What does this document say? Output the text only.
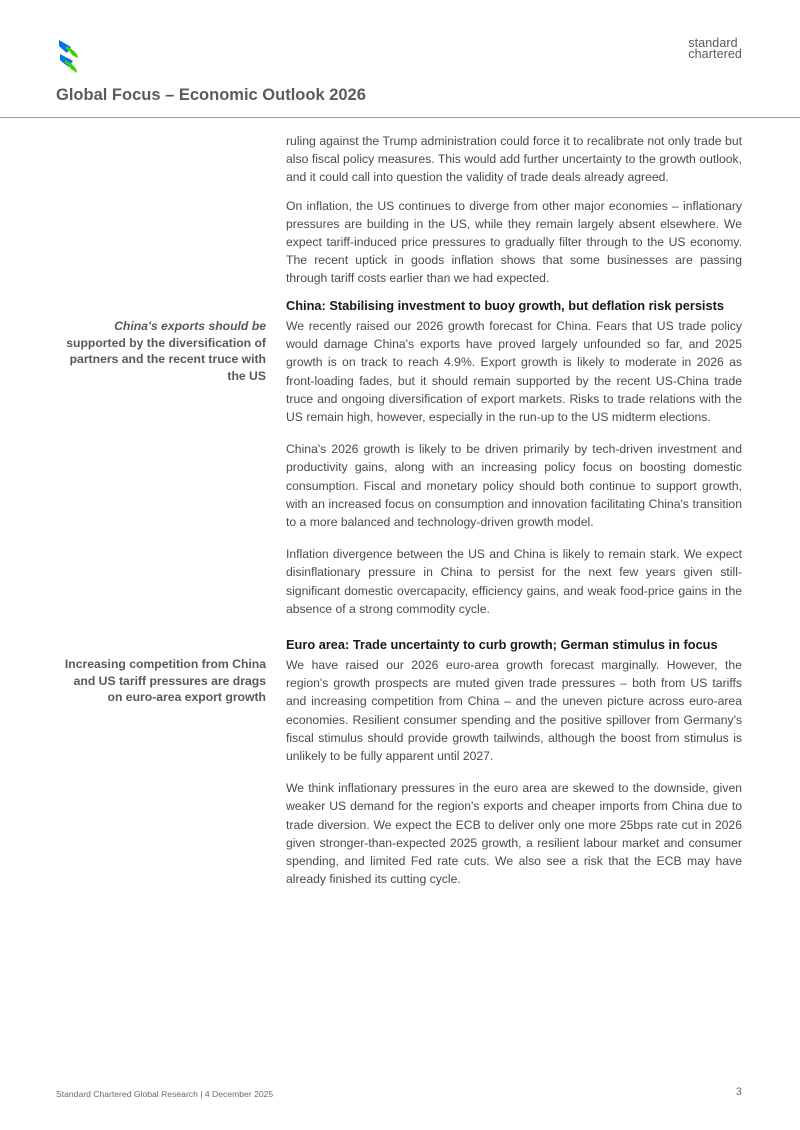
standard
chartered
Global Focus – Economic Outlook 2026

ruling against the Trump administration could force it to recalibrate not only trade but also fiscal policy measures. This would add further uncertainty to the growth outlook, and it could call into question the validity of trade deals already agreed.

On inflation, the US continues to diverge from other major economies – inflationary pressures are building in the US, while they remain largely absent elsewhere. We expect tariff-induced price pressures to gradually filter through to the US economy. The recent uptick in goods inflation shows that some businesses are passing through tariff costs earlier than we had expected.

China's exports should be supported by the diversification of partners and the recent truce with the US

China: Stabilising investment to buoy growth, but deflation risk persists

We recently raised our 2026 growth forecast for China. Fears that US trade policy would damage China's exports have proved largely unfounded so far, and 2025 growth is on track to reach 4.9%. Export growth is likely to moderate in 2026 as front-loading fades, but it should remain supported by the recent US-China trade truce and ongoing diversification of export markets. Risks to trade relations with the US remain high, however, especially in the run-up to the US midterm elections.

China's 2026 growth is likely to be driven primarily by tech-driven investment and productivity gains, along with an increasing policy focus on boosting domestic consumption. Fiscal and monetary policy should both continue to support growth, with an increased focus on consumption and innovation facilitating China's transition to a more balanced and technology-driven growth model.

Inflation divergence between the US and China is likely to remain stark. We expect disinflationary pressure in China to persist for the next few years given still-significant domestic overcapacity, efficiency gains, and weak food-price gains in the absence of a strong commodity cycle.

Increasing competition from China and US tariff pressures are drags on euro-area export growth

Euro area: Trade uncertainty to curb growth; German stimulus in focus

We have raised our 2026 euro-area growth forecast marginally. However, the region's growth prospects are muted given trade pressures – both from US tariffs and increasing competition from China – and the uneven picture across euro-area economies. Resilient consumer spending and the positive spillover from Germany's fiscal stimulus should provide growth tailwinds, although the boost from stimulus is unlikely to be fully apparent until 2027.

We think inflationary pressures in the euro area are skewed to the downside, given weaker US demand for the region's exports and cheaper imports from China due to trade diversion. We expect the ECB to deliver only one more 25bps rate cut in 2026 given stronger-than-expected 2025 growth, a resilient labour market and consumer spending, and limited Fed rate cuts. We also see a risk that the ECB may have already finished its cutting cycle.

Standard Chartered Global Research | 4 December 2025	3
